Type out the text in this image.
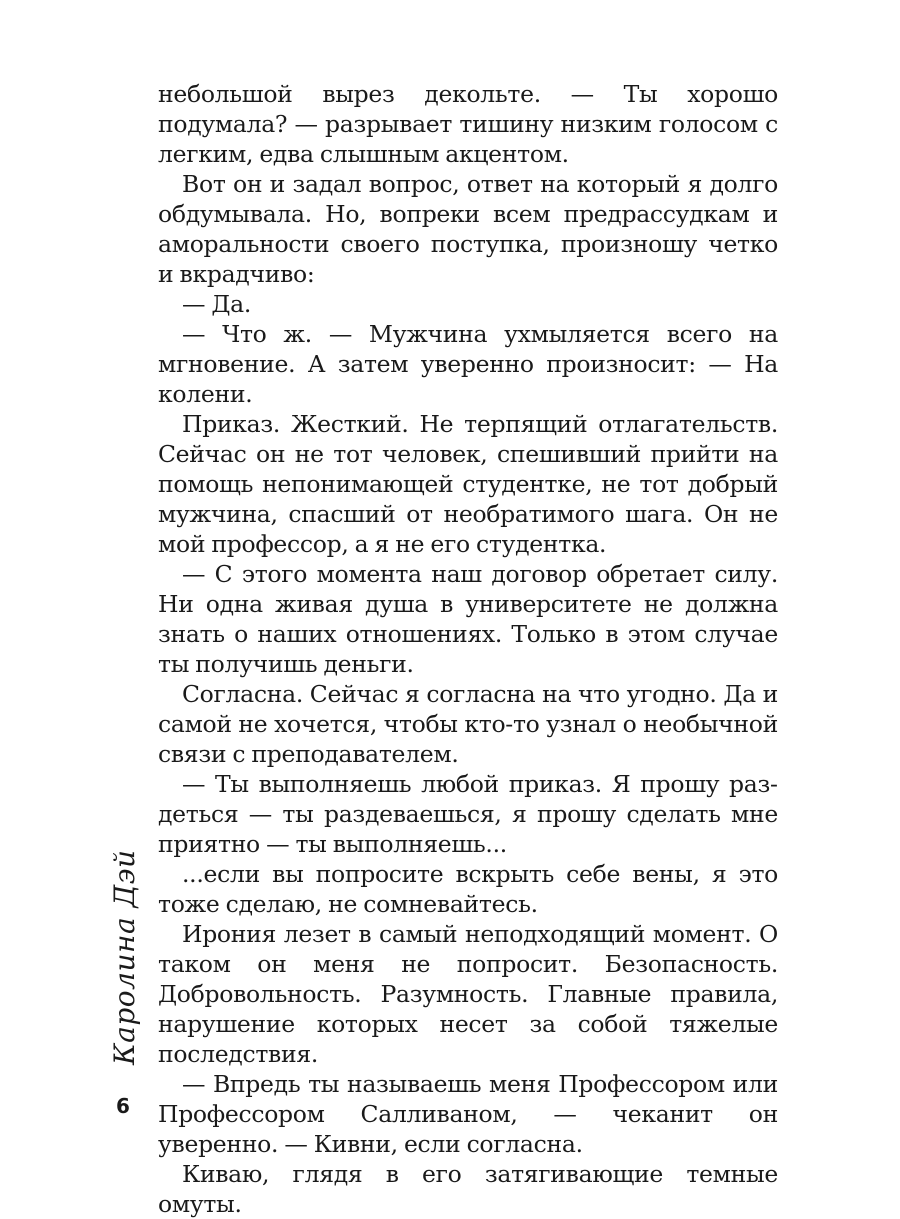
небольшой вырез декольте. — Ты хорошо подумала? — разрывает тишину низким голосом с легким, едва слышным акцентом.

Вот он и задал вопрос, ответ на который я долго обдумывала. Но, вопреки всем предрассудкам и аморальности своего поступка, произношу четко и вкрадчиво:

— Да.

— Что ж. — Мужчина ухмыляется всего на мгновение. А затем уверенно произносит: — На колени.

Приказ. Жесткий. Не терпящий отлагательств. Сейчас он не тот человек, спешивший прийти на помощь непонимающей студентке, не тот добрый мужчина, спасший от необратимого шага. Он не мой профессор, а я не его студентка.

— С этого момента наш договор обретает силу. Ни одна живая душа в университете не должна знать о наших отношениях. Только в этом случае ты получишь деньги.

Согласна. Сейчас я согласна на что угодно. Да и самой не хочется, чтобы кто-то узнал о необычной связи с преподавателем.

— Ты выполняешь любой приказ. Я прошу раздеться — ты раздеваешься, я прошу сделать мне приятно — ты выполняешь...

...если вы попросите вскрыть себе вены, я это тоже сделаю, не сомневайтесь.

Ирония лезет в самый неподходящий момент. О таком он меня не попросит. Безопасность. Добровольность. Разумность. Главные правила, нарушение которых несет за собой тяжелые последствия.

— Впредь ты называешь меня Профессором или Профессором Салливаном, — чеканит он уверенно. — Кивни, если согласна.

Киваю, глядя в его затягивающие темные омуты.

Каролина Дэй
6
